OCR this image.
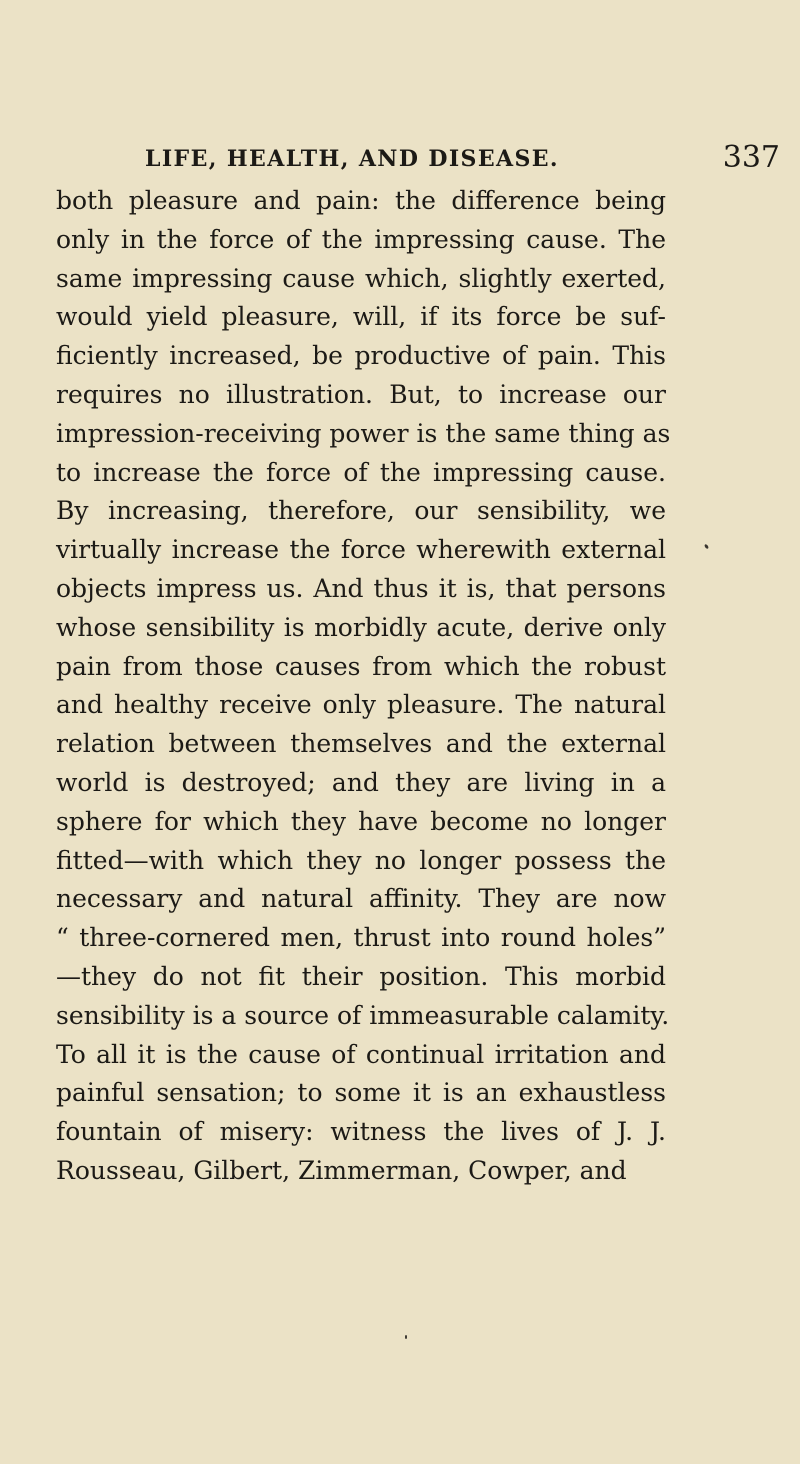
LIFE, HEALTH, AND DISEASE.	337
both pleasure and pain: the difference being
only in the force of the impressing cause. The
same impressing cause which, slightly exerted,
would yield pleasure, will, if its force be suf-
ficiently increased, be productive of pain. This
requires no illustration. But, to increase our
impression-receiving power is the same thing as
to increase the force of the impressing cause.
By increasing, therefore, our sensibility, we
virtually increase the force wherewith external
objects impress us. And thus it is, that persons
whose sensibility is morbidly acute, derive only
pain from those causes from which the robust
and healthy receive only pleasure. The natural
relation between themselves and the external
world is destroyed; and they are living in a
sphere for which they have become no longer
fitted—with which they no longer possess the
necessary and natural affinity. They are now
“ three-cornered men, thrust into round holes”
—they do not fit their position. This morbid
sensibility is a source of immeasurable calamity.
To all it is the cause of continual irritation and
painful sensation; to some it is an exhaustless
fountain of misery: witness the lives of J. J.
Rousseau, Gilbert, Zimmerman, Cowper, and
